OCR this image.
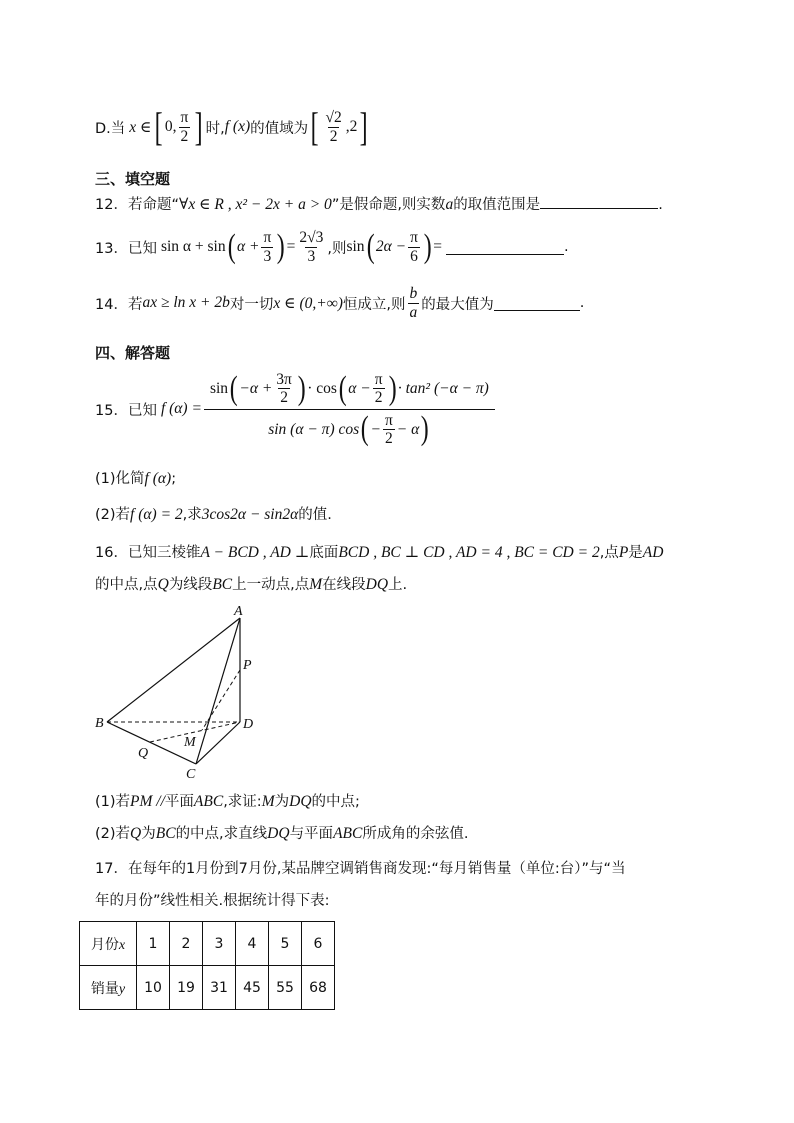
D.当 x ∈ [ 0, $\frac{\pi}{2}$ ] 时, f (x) 的值域为 [ $\frac{√2}{2} ,2$ ]
三、填空题
12． 若命题“ ∀x ∈ R , x² − 2x + a > 0 ”是假命题,则实数 a 的取值范围是	.
13． 已知 sin α + sin ( $\alpha + \frac{\pi}{3}$ ) = $\frac{2√3}{3}$ ,则 sin ( $2\alpha - \frac{\pi}{6}$ ) =	.
14． 若 ax ≥ ln x + 2b 对一切 x ∈ (0,+∞) 恒成立,则 $\frac{b}{a}$ 的最大值为	.
四、解答题
15． 已知 f (α) =
sin ( $-\alpha + \frac{3\pi}{2}$ ) · cos ( $\alpha - \frac{\pi}{2}$ ) · tan² (−α − π)
sin (α − π) cos ( − $\frac{\pi}{2} - \alpha$ )
(1)化简 f (α) ;
(2)若 f (α) = 2 ,求 3cos2α − sin2α 的值.
16． 已知三棱锥 A − BCD , AD ⊥ 底面 BCD , BC ⊥ CD , AD = 4 , BC = CD = 2 ,点 P 是 AD
的中点,点 Q 为线段 BC 上一动点,点 M 在线段 DQ 上.
A
P
B	D
Q
M
C
(1)若 PM // 平面 ABC ,求证: M 为 DQ 的中点;
(2)若 Q 为 BC 的中点,求直线 DQ 与平面 ABC 所成角的余弦值.
17． 在每年的1月份到7月份,某品牌空调销售商发现:“每月销售量（单位:台）”与“当
年的月份”线性相关.根据统计得下表:
月份x	1	2	3	4	5	6
销量y	10	19	31	45	55	68
